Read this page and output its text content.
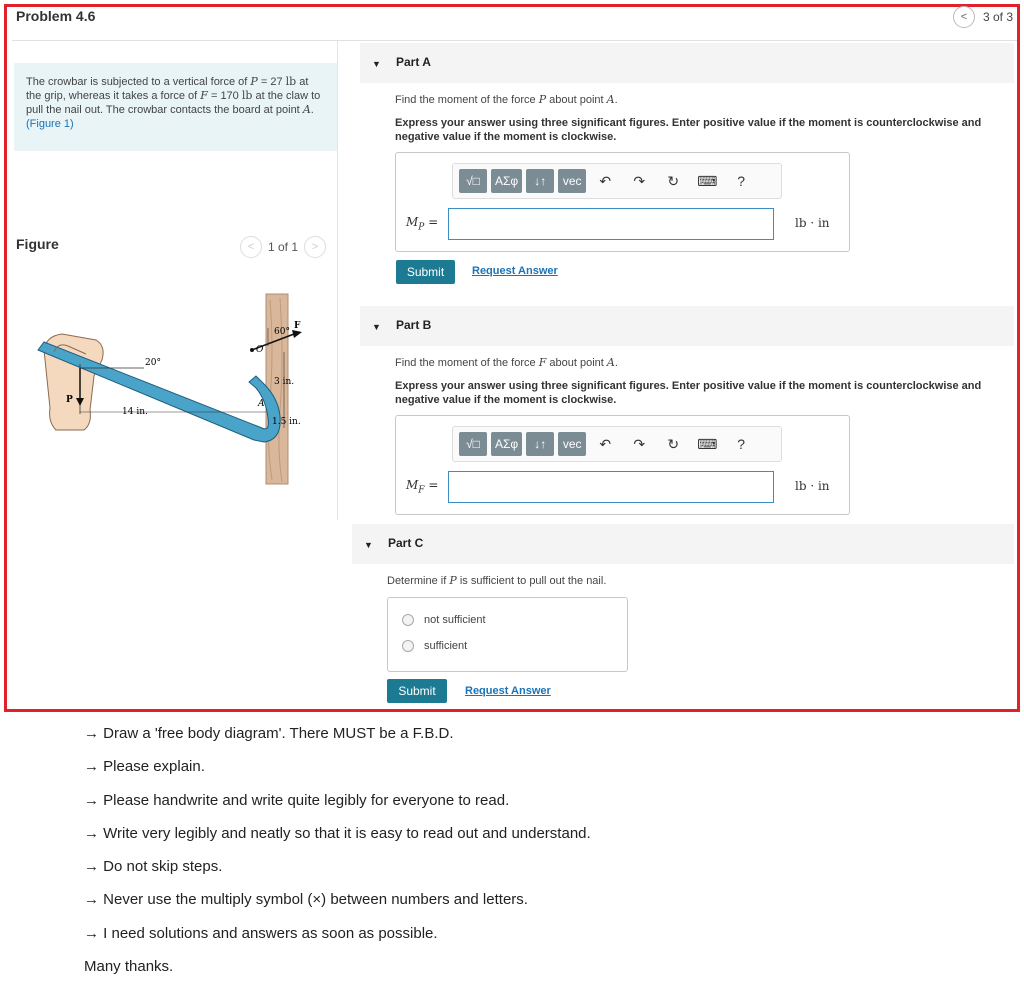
Problem 4.6	<	3 of 3
The crowbar is subjected to a vertical force of P = 27 lb at the grip, whereas it takes a force of F = 170 lb at the claw to pull the nail out. The crowbar contacts the board at point A. (Figure 1)
Figure	<	1 of 1	>
20°
60°
F
P
O
A
14 in.
3 in.
1.5 in.
▼ Part A
Find the moment of the force P about point A.
Express your answer using three significant figures. Enter positive value if the moment is counterclockwise and negative value if the moment is clockwise.
√□	ΑΣφ	↓↑	vec	↶	↷	↻	⌨	?
$M_P$ =	lb · in
Submit	Request Answer
▼ Part B
Find the moment of the force F about point A.
Express your answer using three significant figures. Enter positive value if the moment is counterclockwise and negative value if the moment is clockwise.
√□	ΑΣφ	↓↑	vec	↶	↷	↻	⌨	?
$M_F$ =	lb · in
▼ Part C
Determine if P is sufficient to pull out the nail.
not sufficient
sufficient
Submit	Request Answer
→ Draw a 'free body diagram'. There MUST be a F.B.D.
→ Please explain.
→ Please handwrite and write quite legibly for everyone to read.
→ Write very legibly and neatly so that it is easy to read out and understand.
→ Do not skip steps.
→ Never use the multiply symbol (×) between numbers and letters.
→ I need solutions and answers as soon as possible.
Many thanks.
